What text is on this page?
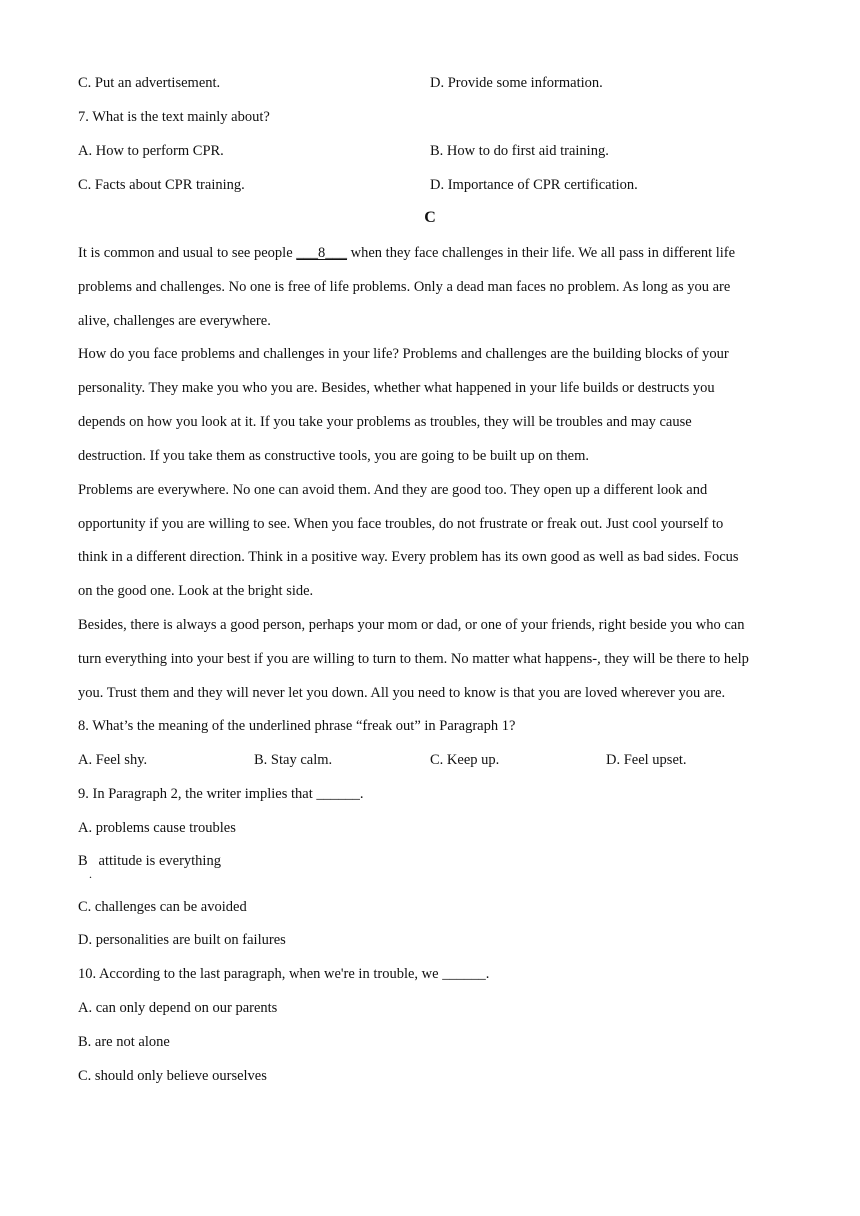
C. Put an advertisement.	D. Provide some information.
7. What is the text mainly about?
A. How to perform CPR.	B. How to do first aid training.
C. Facts about CPR training.	D. Importance of CPR certification.
C
It is common and usual to see people ___8___ when they face challenges in their life. We all pass in different life
problems and challenges. No one is free of life problems. Only a dead man faces no problem. As long as you are
alive, challenges are everywhere.
How do you face problems and challenges in your life? Problems and challenges are the building blocks of your
personality. They make you who you are. Besides, whether what happened in your life builds or destructs you
depends on how you look at it. If you take your problems as troubles, they will be troubles and may cause
destruction. If you take them as constructive tools, you are going to be built up on them.
Problems are everywhere. No one can avoid them. And they are good too. They open up a different look and
opportunity if you are willing to see. When you face troubles, do not frustrate or freak out. Just cool yourself to
think in a different direction. Think in a positive way. Every problem has its own good as well as bad sides. Focus
on the good one. Look at the bright side.
Besides, there is always a good person, perhaps your mom or dad, or one of your friends, right beside you who can
turn everything into your best if you are willing to turn to them. No matter what happens-, they will be there to help
you. Trust them and they will never let you down. All you need to know is that you are loved wherever you are.
8. What’s the meaning of the underlined phrase “freak out” in Paragraph 1?
A. Feel shy.	B. Stay calm.	C. Keep up.	D. Feel upset.
9. In Paragraph 2, the writer implies that ______.
A. problems cause troubles
B   attitude is everything
.
C. challenges can be avoided
D. personalities are built on failures
10. According to the last paragraph, when we're in trouble, we ______.
A. can only depend on our parents
B. are not alone
C. should only believe ourselves
